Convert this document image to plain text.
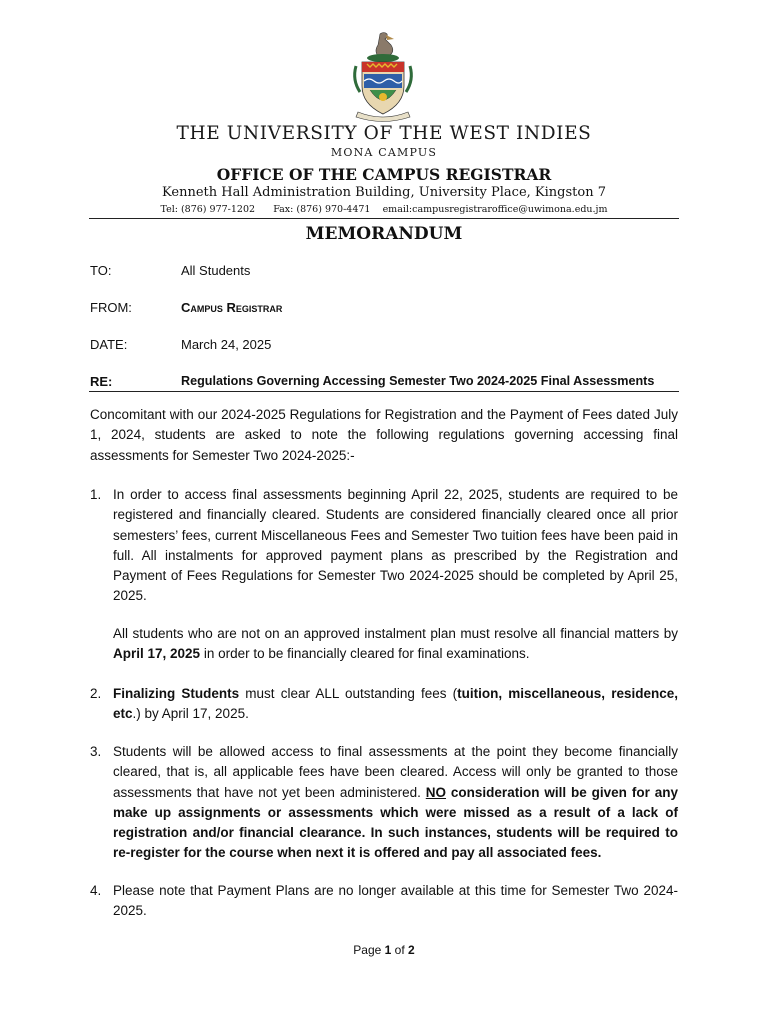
THE UNIVERSITY OF THE WEST INDIES
MONA CAMPUS
OFFICE OF THE CAMPUS REGISTRAR
Kenneth Hall Administration Building, University Place, Kingston 7
Tel: (876) 977-1202 Fax: (876) 970-4471 email:campusregistraroffice@uwimona.edu.jm
MEMORANDUM
TO:	All Students
FROM:	Campus Registrar
DATE:	March 24, 2025
RE:	Regulations Governing Accessing Semester Two 2024-2025 Final Assessments

Concomitant with our 2024-2025 Regulations for Registration and the Payment of Fees dated July 1, 2024, students are asked to note the following regulations governing accessing final assessments for Semester Two 2024-2025:-

1. In order to access final assessments beginning April 22, 2025, students are required to be registered and financially cleared. Students are considered financially cleared once all prior semesters’ fees, current Miscellaneous Fees and Semester Two tuition fees have been paid in full. All instalments for approved payment plans as prescribed by the Registration and Payment of Fees Regulations for Semester Two 2024-2025 should be completed by April 25, 2025.

All students who are not on an approved instalment plan must resolve all financial matters by April 17, 2025 in order to be financially cleared for final examinations.

2. Finalizing Students must clear ALL outstanding fees (tuition, miscellaneous, residence, etc.) by April 17, 2025.

3. Students will be allowed access to final assessments at the point they become financially cleared, that is, all applicable fees have been cleared. Access will only be granted to those assessments that have not yet been administered. NO consideration will be given for any make up assignments or assessments which were missed as a result of a lack of registration and/or financial clearance. In such instances, students will be required to re-register for the course when next it is offered and pay all associated fees.

4. Please note that Payment Plans are no longer available at this time for Semester Two 2024-2025.

Page 1 of 2
